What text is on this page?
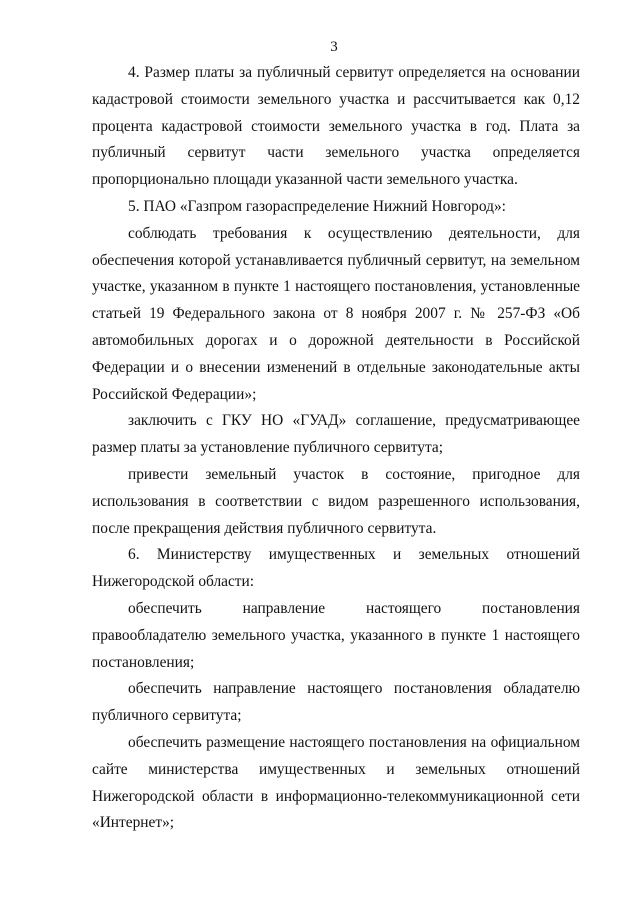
3

4. Размер платы за публичный сервитут определяется на основании кадастровой стоимости земельного участка и рассчитывается как 0,12 процента кадастровой стоимости земельного участка в год. Плата за публичный сервитут части земельного участка определяется пропорционально площади указанной части земельного участка.

5. ПАО «Газпром газораспределение Нижний Новгород»:

соблюдать требования к осуществлению деятельности, для обеспечения которой устанавливается публичный сервитут, на земельном участке, указанном в пункте 1 настоящего постановления, установленные статьей 19 Федерального закона от 8 ноября 2007 г. № 257-ФЗ «Об автомобильных дорогах и о дорожной деятельности в Российской Федерации и о внесении изменений в отдельные законодательные акты Российской Федерации»;

заключить с ГКУ НО «ГУАД» соглашение, предусматривающее размер платы за установление публичного сервитута;

привести земельный участок в состояние, пригодное для использования в соответствии с видом разрешенного использования, после прекращения действия публичного сервитута.

6. Министерству имущественных и земельных отношений Нижегородской области:

обеспечить направление настоящего постановления правообладателю земельного участка, указанного в пункте 1 настоящего постановления;

обеспечить направление настоящего постановления обладателю публичного сервитута;

обеспечить размещение настоящего постановления на официальном сайте министерства имущественных и земельных отношений Нижегородской области в информационно-телекоммуникационной сети «Интернет»;
